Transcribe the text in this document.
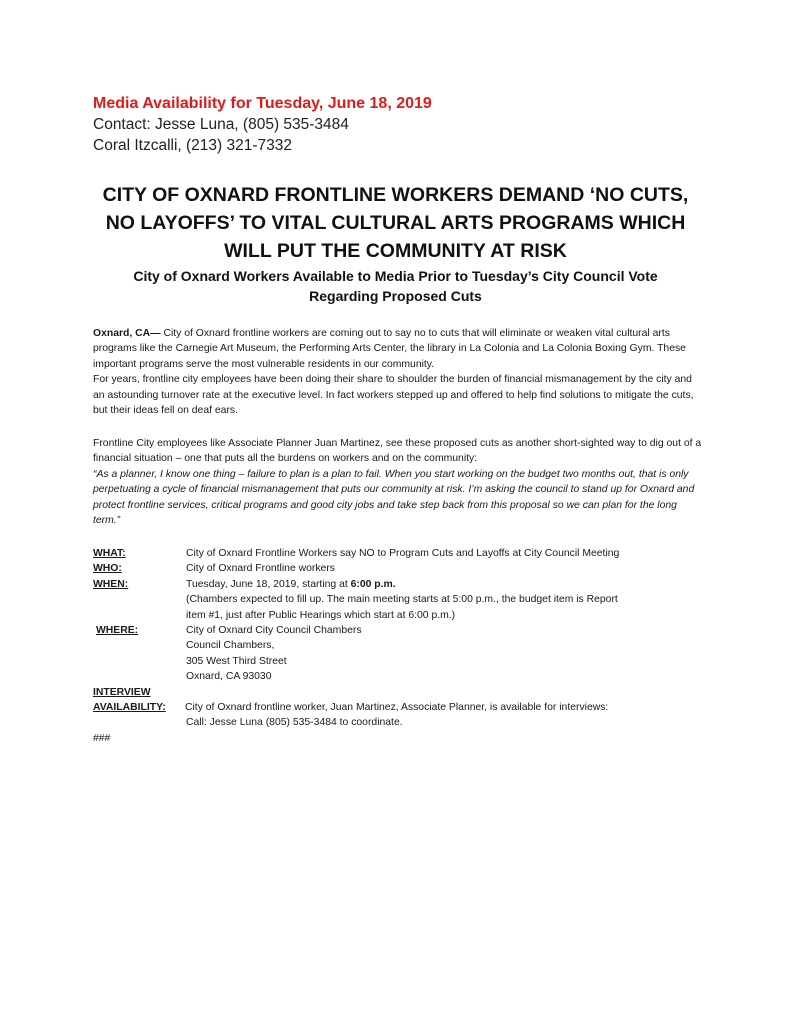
Media Availability for Tuesday, June 18, 2019

Contact: Jesse Luna, (805) 535-3484

Coral Itzcalli, (213) 321-7332

CITY OF OXNARD FRONTLINE WORKERS DEMAND ‘NO CUTS,
NO LAYOFFS’ TO VITAL CULTURAL ARTS PROGRAMS WHICH
WILL PUT THE COMMUNITY AT RISK
City of Oxnard Workers Available to Media Prior to Tuesday’s City Council Vote
Regarding Proposed Cuts

Oxnard, CA— City of Oxnard frontline workers are coming out to say no to cuts that will eliminate or weaken vital cultural arts programs like the Carnegie Art Museum, the Performing Arts Center, the library in La Colonia and La Colonia Boxing Gym. These important programs serve the most vulnerable residents in our community.
For years, frontline city employees have been doing their share to shoulder the burden of financial mismanagement by the city and an astounding turnover rate at the executive level. In fact workers stepped up and offered to help find solutions to mitigate the cuts, but their ideas fell on deaf ears.

Frontline City employees like Associate Planner Juan Martinez, see these proposed cuts as another short-sighted way to dig out of a financial situation – one that puts all the burdens on workers and on the community:
“As a planner, I know one thing – failure to plan is a plan to fail. When you start working on the budget two months out, that is only perpetuating a cycle of financial mismanagement that puts our community at risk. I’m asking the council to stand up for Oxnard and protect frontline services, critical programs and good city jobs and take step back from this proposal so we can plan for the long term.”

WHAT:	City of Oxnard Frontline Workers say NO to Program Cuts and Layoffs at City Council Meeting
WHO:	City of Oxnard Frontline workers
WHEN:	Tuesday, June 18, 2019, starting at 6:00 p.m.
(Chambers expected to fill up. The main meeting starts at 5:00 p.m., the budget item is Report
item #1, just after Public Hearings which start at 6:00 p.m.)
WHERE:	City of Oxnard City Council Chambers
Council Chambers,
305 West Third Street
Oxnard, CA 93030
INTERVIEW
AVAILABILITY: City of Oxnard frontline worker, Juan Martinez, Associate Planner, is available for interviews:
Call: Jesse Luna (805) 535-3484 to coordinate.
###
